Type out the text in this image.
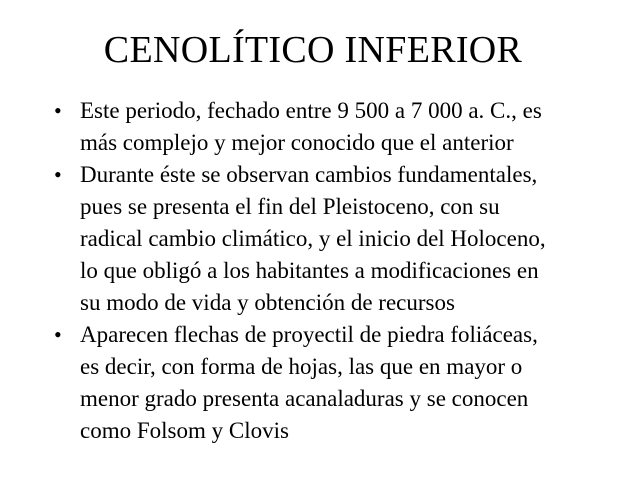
CENOLÍTICO INFERIOR
• Este periodo, fechado entre 9 500 a 7 000 a. C., es
más complejo y mejor conocido que el anterior
• Durante éste se observan cambios fundamentales,
pues se presenta el fin del Pleistoceno, con su
radical cambio climático, y el inicio del Holoceno,
lo que obligó a los habitantes a modificaciones en
su modo de vida y obtención de recursos
• Aparecen flechas de proyectil de piedra foliáceas,
es decir, con forma de hojas, las que en mayor o
menor grado presenta acanaladuras y se conocen
como Folsom y Clovis
